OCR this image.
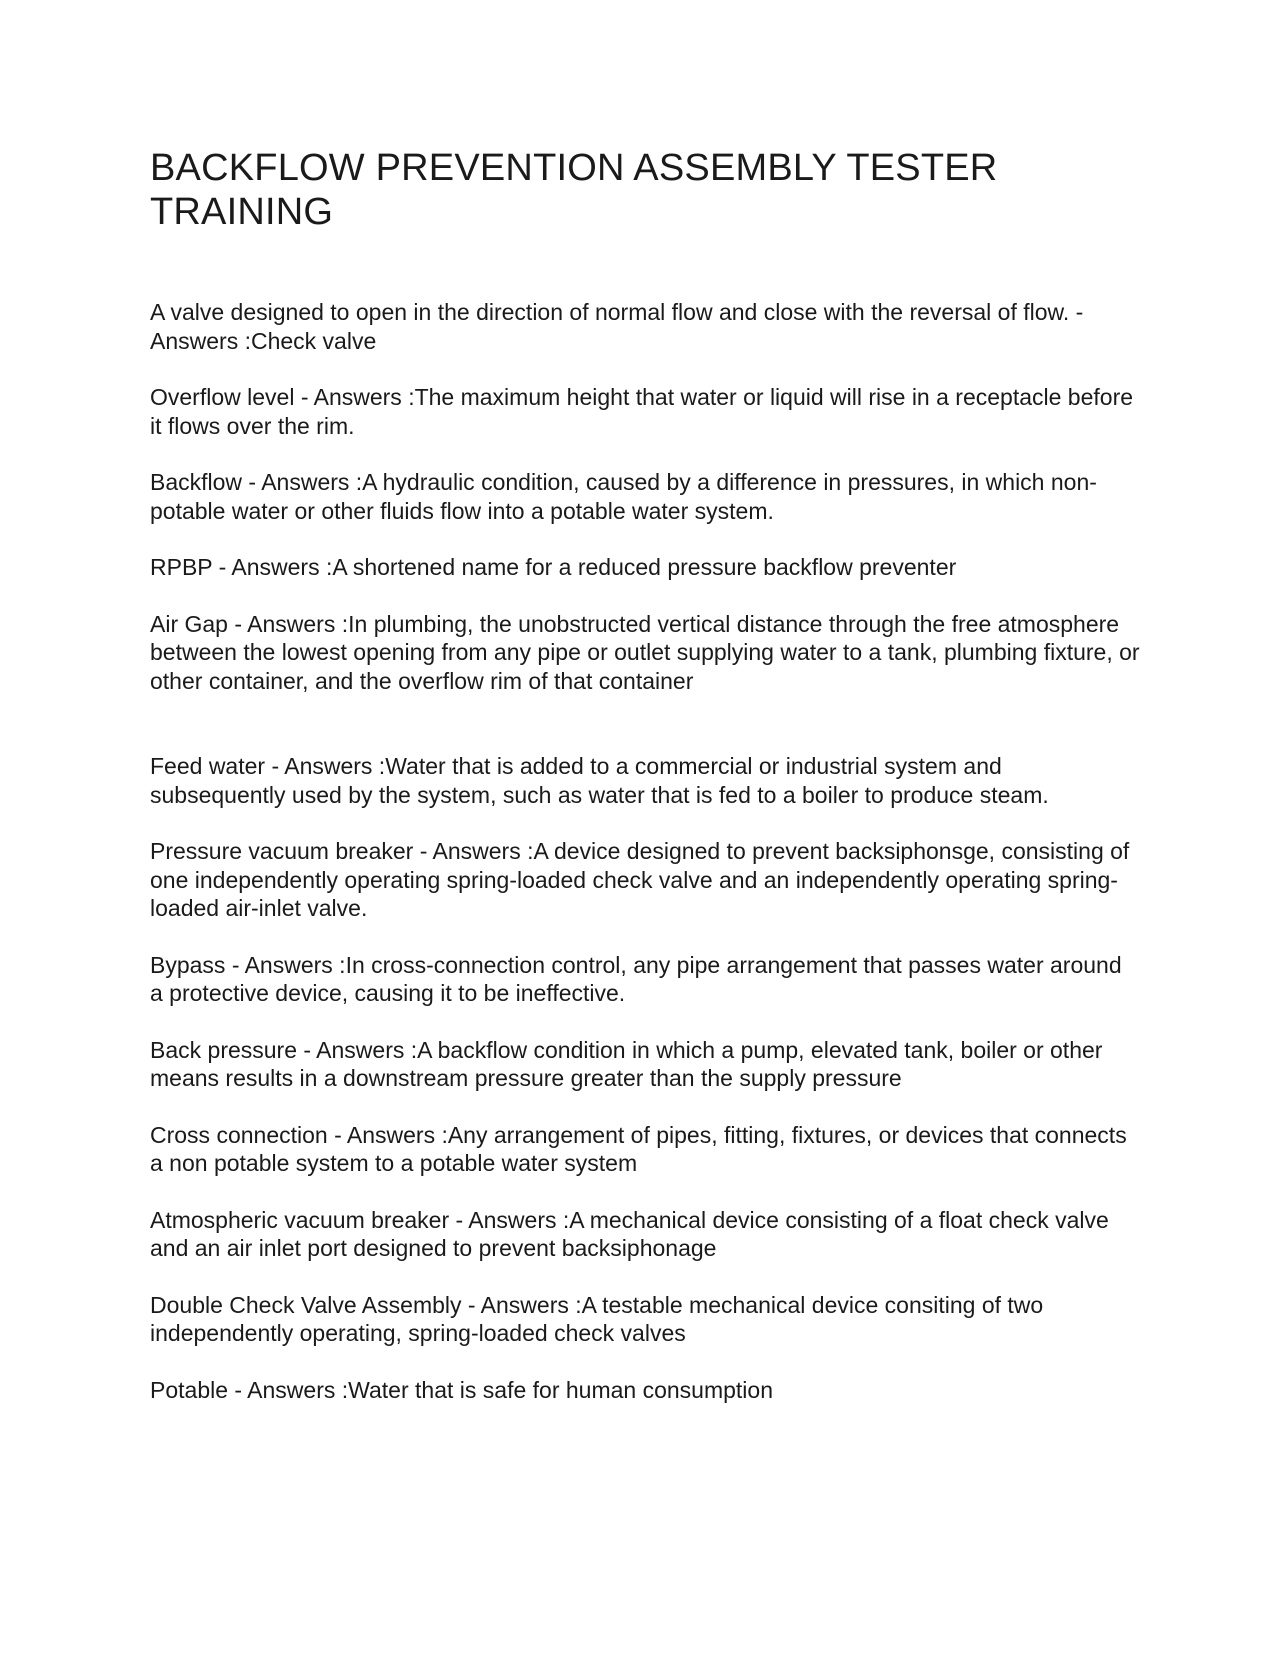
BACKFLOW PREVENTION ASSEMBLY TESTER TRAINING

A valve designed to open in the direction of normal flow and close with the reversal of flow. - Answers :Check valve

Overflow level - Answers :The maximum height that water or liquid will rise in a receptacle before it flows over the rim.

Backflow - Answers :A hydraulic condition, caused by a difference in pressures, in which non-potable water or other fluids flow into a potable water system.

RPBP - Answers :A shortened name for a reduced pressure backflow preventer

Air Gap - Answers :In plumbing, the unobstructed vertical distance through the free atmosphere between the lowest opening from any pipe or outlet supplying water to a tank, plumbing fixture, or other container, and the overflow rim of that container

Feed water - Answers :Water that is added to a commercial or industrial system and subsequently used by the system, such as water that is fed to a boiler to produce steam.

Pressure vacuum breaker - Answers :A device designed to prevent backsiphonsge, consisting of one independently operating spring-loaded check valve and an independently operating spring-loaded air-inlet valve.

Bypass - Answers :In cross-connection control, any pipe arrangement that passes water around a protective device, causing it to be ineffective.

Back pressure - Answers :A backflow condition in which a pump, elevated tank, boiler or other means results in a downstream pressure greater than the supply pressure

Cross connection - Answers :Any arrangement of pipes, fitting, fixtures, or devices that connects a non potable system to a potable water system

Atmospheric vacuum breaker - Answers :A mechanical device consisting of a float check valve and an air inlet port designed to prevent backsiphonage

Double Check Valve Assembly - Answers :A testable mechanical device consiting of two independently operating, spring-loaded check valves

Potable - Answers :Water that is safe for human consumption
